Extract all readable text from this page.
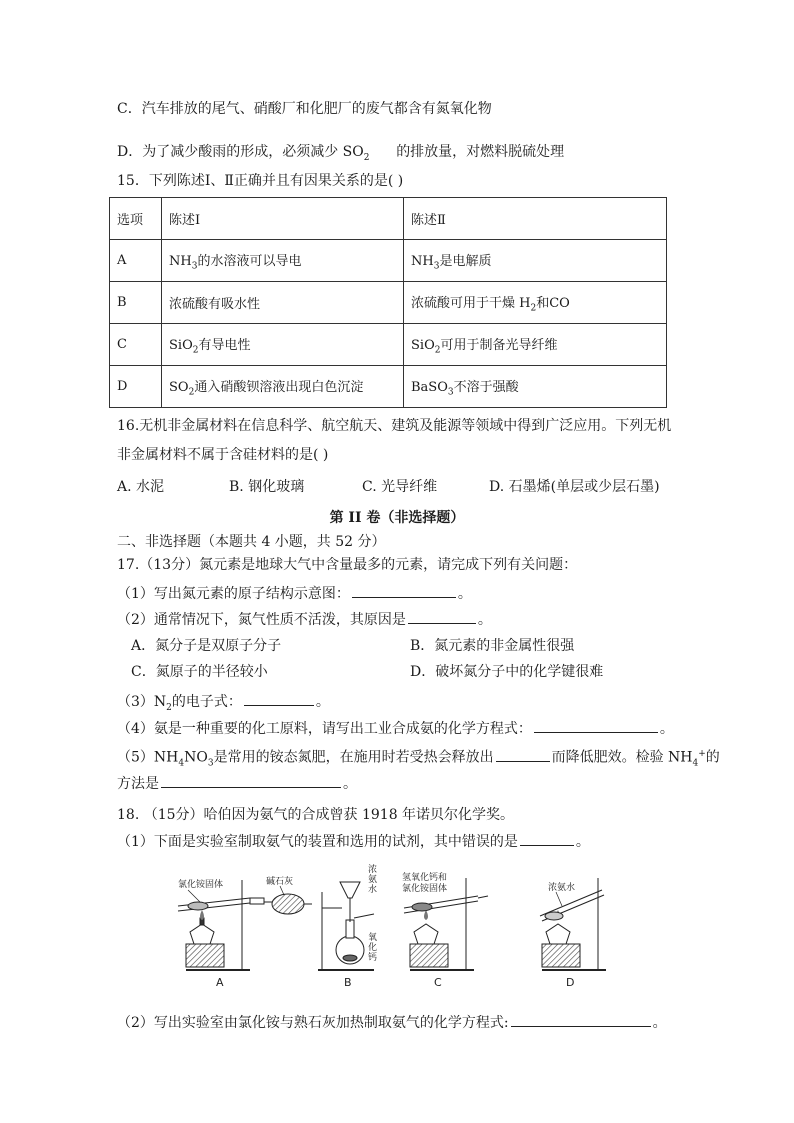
C．汽车排放的尾气、硝酸厂和化肥厂的废气都含有氮氧化物
D．为了减少酸雨的形成，必须减少 $SO_2$ 的排放量，对燃料脱硫处理
15．下列陈述Ⅰ、Ⅱ正确并且有因果关系的是( )
选项	陈述Ⅰ	陈述Ⅱ
A	$NH_3$的水溶液可以导电	$NH_3$是电解质
B	浓硫酸有吸水性	浓硫酸可用于干燥 $H_2$和CO
C	SiO$_2$有导电性	SiO$_2$可用于制备光导纤维
D	$SO_2$通入硝酸钡溶液出现白色沉淀	BaSO$_3$不溶于强酸
16.无机非金属材料在信息科学、航空航天、建筑及能源等领域中得到广泛应用。下列无机
非金属材料不属于含硅材料的是( )
A. 水泥	B. 钢化玻璃	C. 光导纤维	D. 石墨烯(单层或少层石墨)
第 II 卷（非选择题）
二、非选择题（本题共 4 小题，共 52 分）
17.（13分）氮元素是地球大气中含量最多的元素，请完成下列有关问题：
（1）写出氮元素的原子结构示意图：	。
（2）通常情况下，氮气性质不活泼，其原因是	。
A．氮分子是双原子分子	B．氮元素的非金属性很强
C．氮原子的半径较小	D．破坏氮分子中的化学键很难
$(3)N_2$的电子式：	。
（4）氨是一种重要的化工原料，请写出工业合成氨的化学方程式：	。
$(5)NH_4NO_3$是常用的铵态氮肥，在施用时若受热会释放出	而降低肥效。检验 $NH_4^+$的
方法是	。
18. （15分）哈伯因为氨气的合成曾获 1918 年诺贝尔化学奖。
（1）下面是实验室制取氨气的装置和选用的试剂，其中错误的是	。
氯化铵固体	碱石灰
A
浓
氨
水
氧
化
钙
B
氢氧化钙和
氯化铵固体
C
浓氨水
D
（2）写出实验室由氯化铵与熟石灰加热制取氨气的化学方程式:	。
